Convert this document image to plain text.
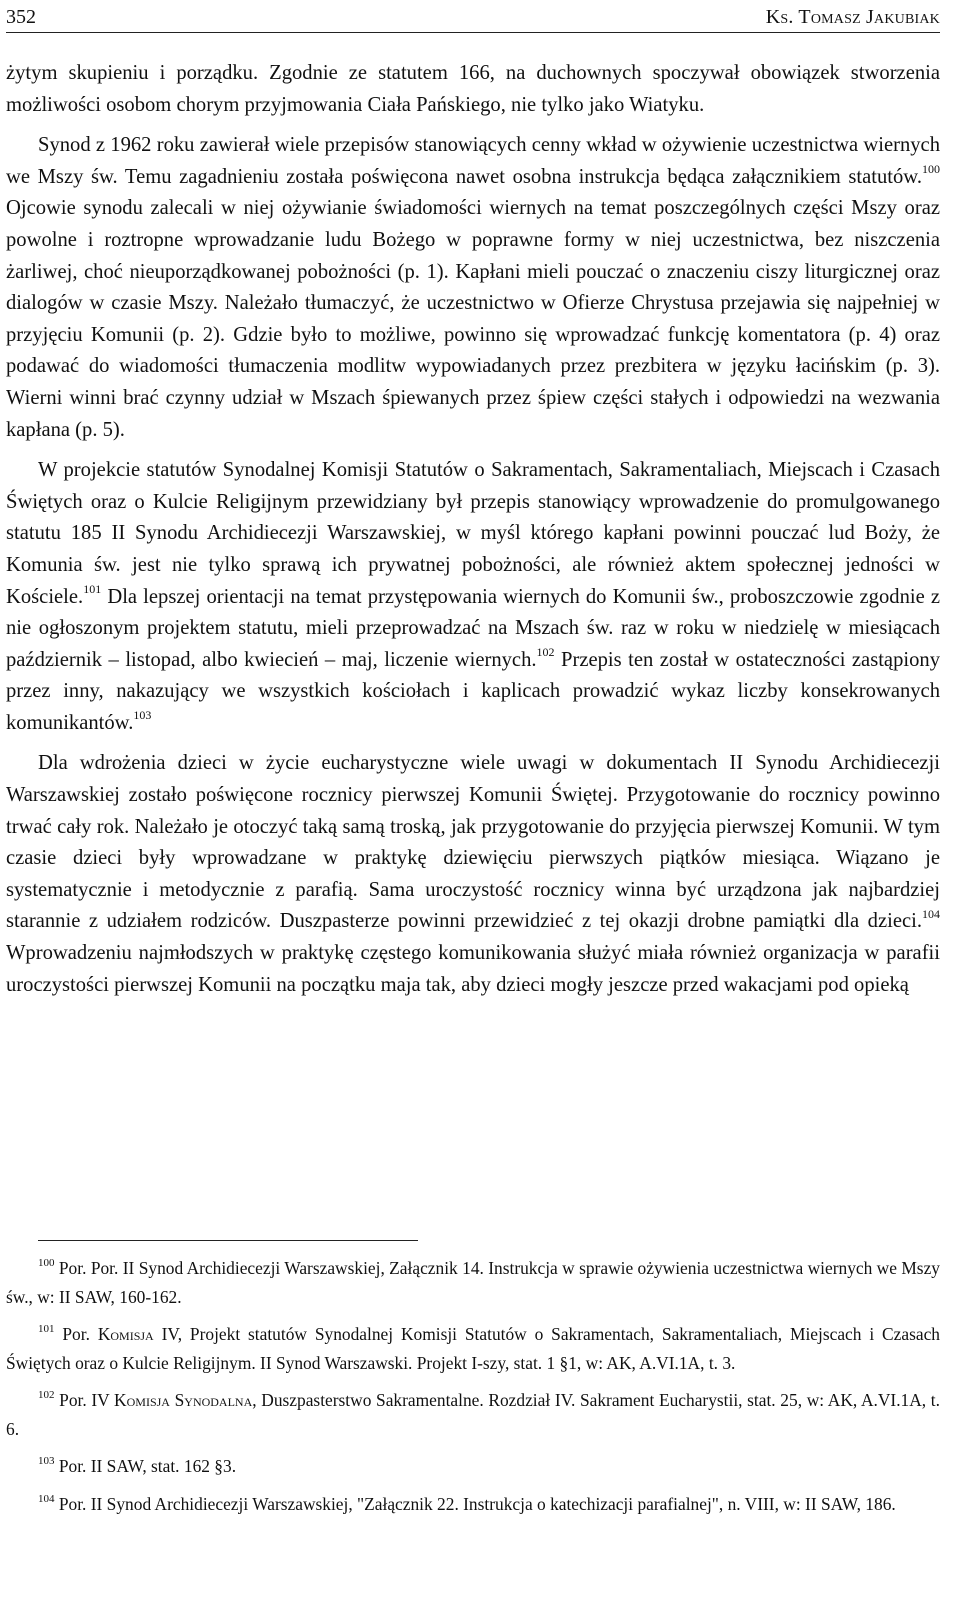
352	Ks. Tomasz Jakubiak

żytym skupieniu i porządku. Zgodnie ze statutem 166, na duchownych spoczywał obowiązek stworzenia możliwości osobom chorym przyjmowania Ciała Pańskiego, nie tylko jako Wiatyku.

Synod z 1962 roku zawierał wiele przepisów stanowiących cenny wkład w ożywienie uczestnictwa wiernych we Mszy św. Temu zagadnieniu została poświęcona nawet osobna instrukcja będąca załącznikiem statutów.$^{100}$ Ojcowie synodu zalecali w niej ożywianie świadomości wiernych na temat poszczególnych części Mszy oraz powolne i roztropne wprowadzanie ludu Bożego w poprawne formy w niej uczestnictwa, bez niszczenia żarliwej, choć nieuporządkowanej pobożności (p. 1). Kapłani mieli pouczać o znaczeniu ciszy liturgicznej oraz dialogów w czasie Mszy. Należało tłumaczyć, że uczestnictwo w Ofierze Chrystusa przejawia się najpełniej w przyjęciu Komunii (p. 2). Gdzie było to możliwe, powinno się wprowadzać funkcję komentatora (p. 4) oraz podawać do wiadomości tłumaczenia modlitw wypowiadanych przez prezbitera w języku łacińskim (p. 3). Wierni winni brać czynny udział w Mszach śpiewanych przez śpiew części stałych i odpowiedzi na wezwania kapłana (p. 5).

W projekcie statutów Synodalnej Komisji Statutów o Sakramentach, Sakramentaliach, Miejscach i Czasach Świętych oraz o Kulcie Religijnym przewidziany był przepis stanowiący wprowadzenie do promulgowanego statutu 185 II Synodu Archidiecezji Warszawskiej, w myśl którego kapłani powinni pouczać lud Boży, że Komunia św. jest nie tylko sprawą ich prywatnej pobożności, ale również aktem społecznej jedności w Kościele.$^{101}$ Dla lepszej orientacji na temat przystępowania wiernych do Komunii św., proboszczowie zgodnie z nie ogłoszonym projektem statutu, mieli przeprowadzać na Mszach św. raz w roku w niedzielę w miesiącach październik – listopad, albo kwiecień – maj, liczenie wiernych.$^{102}$ Przepis ten został w ostateczności zastąpiony przez inny, nakazujący we wszystkich kościołach i kaplicach prowadzić wykaz liczby konsekrowanych komunikantów.$^{103}$

Dla wdrożenia dzieci w życie eucharystyczne wiele uwagi w dokumentach II Synodu Archidiecezji Warszawskiej zostało poświęcone rocznicy pierwszej Komunii Świętej. Przygotowanie do rocznicy powinno trwać cały rok. Należało je otoczyć taką samą troską, jak przygotowanie do przyjęcia pierwszej Komunii. W tym czasie dzieci były wprowadzane w praktykę dziewięciu pierwszych piątków miesiąca. Wiązano je systematycznie i metodycznie z parafią. Sama uroczystość rocznicy winna być urządzona jak najbardziej starannie z udziałem rodziców. Duszpasterze powinni przewidzieć z tej okazji drobne pamiątki dla dzieci.$^{104}$ Wprowadzeniu najmłodszych w praktykę częstego komunikowania służyć miała również organizacja w parafii uroczystości pierwszej Komunii na początku maja tak, aby dzieci mogły jeszcze przed wakacjami pod opieką

$^{100}$ Por. Por. II Synod Archidiecezji Warszawskiej, Załącznik 14. Instrukcja w sprawie ożywienia uczestnictwa wiernych we Mszy św., w: II SAW, 160-162.

$^{101}$ Por. Komisja IV, Projekt statutów Synodalnej Komisji Statutów o Sakramentach, Sakramentaliach, Miejscach i Czasach Świętych oraz o Kulcie Religijnym. II Synod Warszawski. Projekt I-szy, stat. 1 §1, w: AK, A.VI.1A, t. 3.

$^{102}$ Por. IV Komisja Synodalna, Duszpasterstwo Sakramentalne. Rozdział IV. Sakrament Eucharystii, stat. 25, w: AK, A.VI.1A, t. 6.

$^{103}$ Por. II SAW, stat. 162 §3.

$^{104}$ Por. II Synod Archidiecezji Warszawskiej, "Załącznik 22. Instrukcja o katechizacji parafialnej", n. VIII, w: II SAW, 186.
